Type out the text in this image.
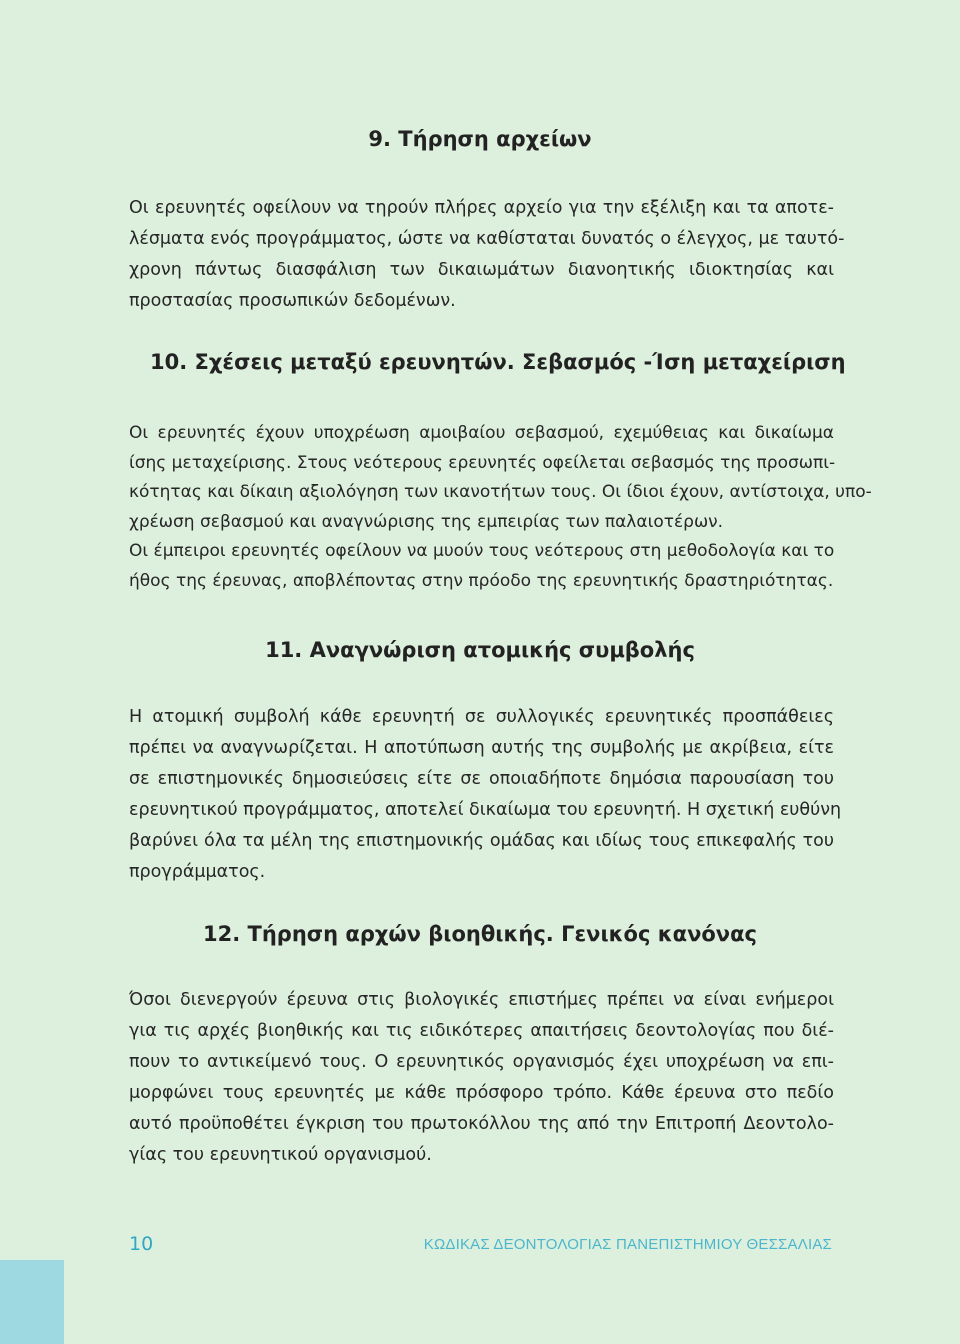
9. Τήρηση αρχείων
Οι ερευνητές οφείλουν να τηρούν πλήρες αρχείο για την εξέλιξη και τα αποτε-
λέσματα ενός προγράμματος, ώστε να καθίσταται δυνατός ο έλεγχος, με ταυτό-
χρονη πάντως διασφάλιση των δικαιωμάτων διανοητικής ιδιοκτησίας και
προστασίας προσωπικών δεδομένων.
10. Σχέσεις μεταξύ ερευνητών. Σεβασμός -Ίση μεταχείριση
Οι ερευνητές έχουν υποχρέωση αμοιβαίου σεβασμού, εχεμύθειας και δικαίωμα
ίσης μεταχείρισης. Στους νεότερους ερευνητές οφείλεται σεβασμός της προσωπι-
κότητας και δίκαιη αξιολόγηση των ικανοτήτων τους. Οι ίδιοι έχουν, αντίστοιχα, υπο-
χρέωση σεβασμού και αναγνώρισης της εμπειρίας των παλαιοτέρων.
Οι έμπειροι ερευνητές οφείλουν να μυούν τους νεότερους στη μεθοδολογία και το
ήθος της έρευνας, αποβλέποντας στην πρόοδο της ερευνητικής δραστηριότητας.
11. Αναγνώριση ατομικής συμβολής
Η ατομική συμβολή κάθε ερευνητή σε συλλογικές ερευνητικές προσπάθειες
πρέπει να αναγνωρίζεται. Η αποτύπωση αυτής της συμβολής με ακρίβεια, είτε
σε επιστημονικές δημοσιεύσεις είτε σε οποιαδήποτε δημόσια παρουσίαση του
ερευνητικού προγράμματος, αποτελεί δικαίωμα του ερευνητή. Η σχετική ευθύνη
βαρύνει όλα τα μέλη της επιστημονικής ομάδας και ιδίως τους επικεφαλής του
προγράμματος.
12. Τήρηση αρχών βιοηθικής. Γενικός κανόνας
Όσοι διενεργούν έρευνα στις βιολογικές επιστήμες πρέπει να είναι ενήμεροι
για τις αρχές βιοηθικής και τις ειδικότερες απαιτήσεις δεοντολογίας που διέ-
πουν το αντικείμενό τους. Ο ερευνητικός οργανισμός έχει υποχρέωση να επι-
μορφώνει τους ερευνητές με κάθε πρόσφορο τρόπο. Κάθε έρευνα στο πεδίο
αυτό προϋποθέτει έγκριση του πρωτοκόλλου της από την Επιτροπή Δεοντολο-
γίας του ερευνητικού οργανισμού.
10	ΚΩΔΙΚΑΣ ΔΕΟΝΤΟΛΟΓΙΑΣ ΠΑΝΕΠΙΣΤΗΜΙΟΥ ΘΕΣΣΑΛΙΑΣ
